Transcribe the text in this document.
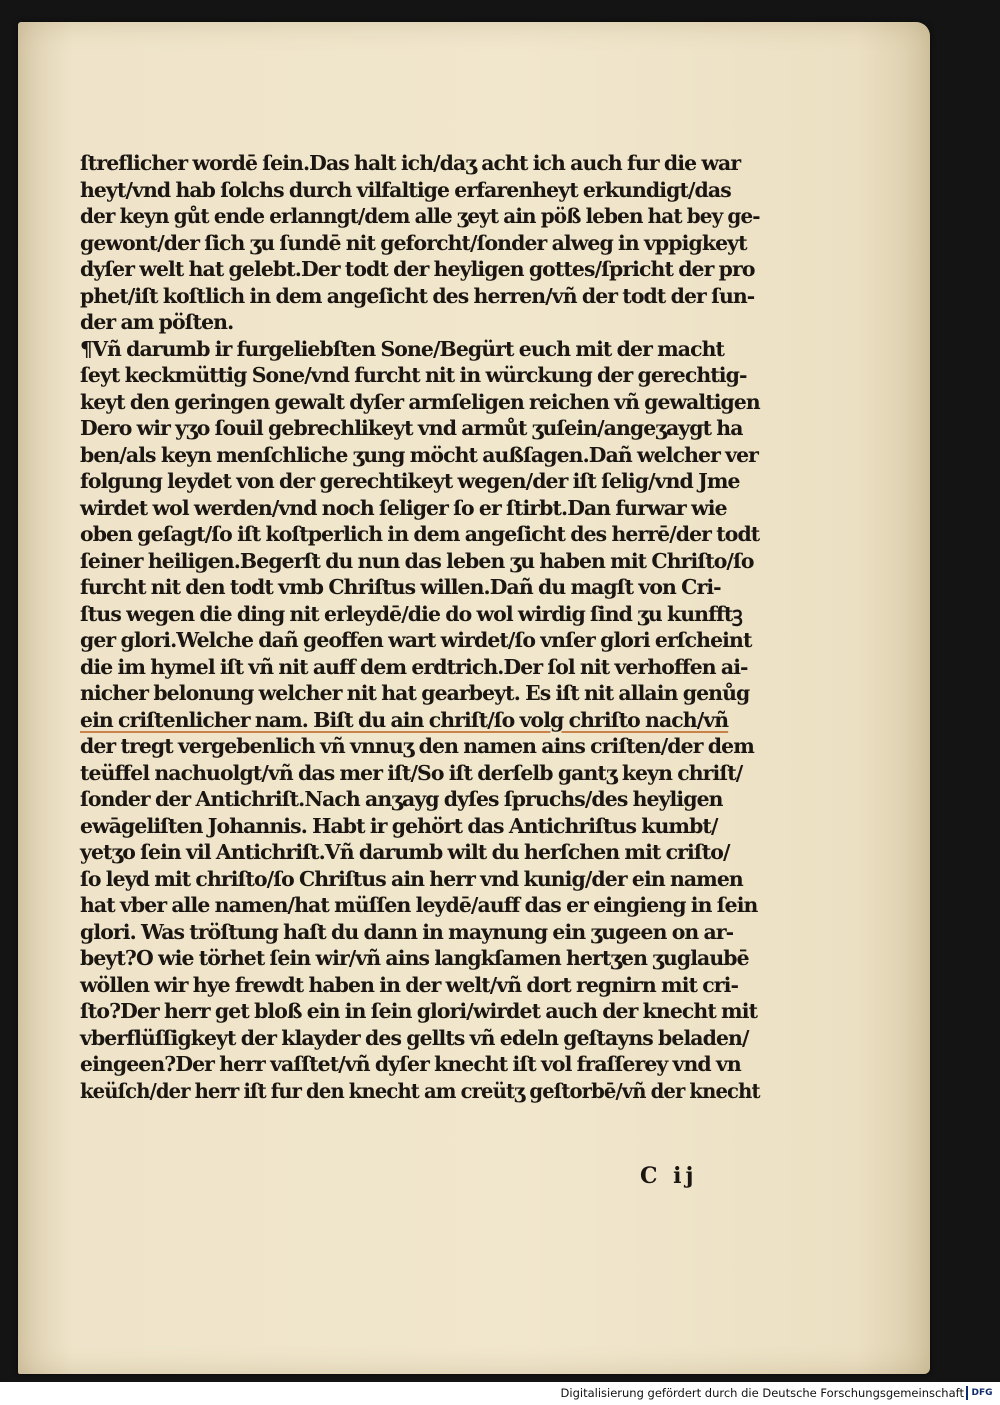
ſtreflicher wordē ſein.Das halt ich/daʒ acht ich auch fur die war
heyt/vnd hab ſolchs durch vilfaltige erfarenheyt erkundigt/das
der keyn gůt ende erlanngt/dem alle ʒeyt ain pöß leben hat bey ge‑
gewont/der ſich ʒu ſundē nit geforcht/ſonder alweg in vppigkeyt
dyſer welt hat gelebt.Der todt der heyligen gottes/ſpricht der pro
phet/iſt koſtlich in dem angeſicht des herren/vñ der todt der ſun‑
der am pöſten.
¶Vñ darumb ir furgeliebſten Sone/Begürt euch mit der macht
ſeyt keckmüttig Sone/vnd furcht nit in würckung der gerechtig‑
keyt den geringen gewalt dyſer armſeligen reichen vñ gewaltigen
Dero wir yʒo ſouil gebrechlikeyt vnd armůt ʒuſein/angeʒaygt ha
ben/als keyn menſchliche ʒung möcht außſagen.Dañ welcher ver
folgung leydet von der gerechtikeyt wegen/der iſt ſelig/vnd Jme
wirdet wol werden/vnd noch ſeliger ſo er ſtirbt.Dan furwar wie
oben geſagt/ſo iſt koſtperlich in dem angeſicht des herrē/der todt
ſeiner heiligen.Begerſt du nun das leben ʒu haben mit Chriſto/ſo
furcht nit den todt vmb Chriſtus willen.Dañ du magſt von Cri‑
ſtus wegen die ding nit erleydē/die do wol wirdig ſind ʒu kunfftꝫ
ger glori.Welche dañ geoffen wart wirdet/ſo vnſer glori erſcheint
die im hymel iſt vñ nit auff dem erdtrich.Der ſol nit verhoffen ai‑
nicher belonung welcher nit hat gearbeyt. Es iſt nit allain genůg
ein criſtenlicher nam. Biſt du ain chriſt/ſo volg chriſto nach/vñ
der tregt vergebenlich vñ vnnuʒ den namen ains criſten/der dem
teüffel nachuolgt/vñ das mer iſt/So iſt derſelb gantʒ keyn chriſt/
ſonder der Antichriſt.Nach anʒayg dyſes ſpruchs/des heyligen
ewāgeliſten Johannis. Habt ir gehört das Antichriſtus kumbt/
yetʒo ſein vil Antichriſt.Vñ darumb wilt du herſchen mit criſto/
ſo leyd mit chriſto/ſo Chriſtus ain herr vnd kunig/der ein namen
hat vber alle namen/hat müſſen leydē/auff das er eingieng in ſein
glori. Was tröſtung haſt du dann in maynung ein ʒugeen on ar‑
beyt?O wie törhet ſein wir/vñ ains langkſamen hertʒen ʒuglaubē
wöllen wir hye frewdt haben in der welt/vñ dort regnirn mit cri‑
ſto?Der herr get bloß ein in ſein glori/wirdet auch der knecht mit
vberflüſſigkeyt der klayder des gellts vñ edeln geſtayns beladen/
eingeen?Der herr vaſſtet/vñ dyſer knecht iſt vol fraſſerey vnd vn
keüſch/der herr iſt fur den knecht am creütʒ geſtorbē/vñ der knecht
C ij
Digitalisierung gefördert durch die Deutsche Forschungsgemeinschaft DFG
